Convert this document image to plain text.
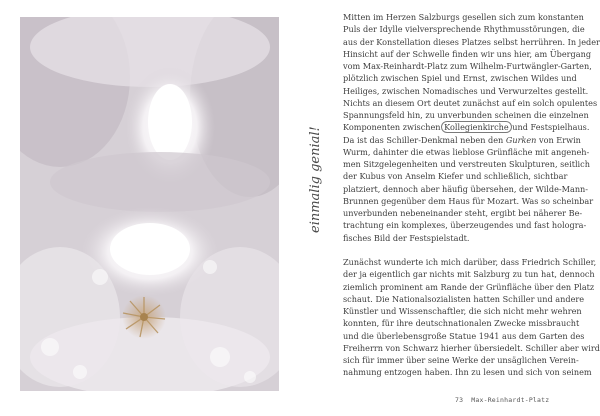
einmalig genial!

Mitten im Herzen Salzburgs gesellen sich zum konstanten
Puls der Idylle vielversprechende Rhythmusstörungen, die
aus der Konstellation dieses Platzes selbst herrühren. In jeder
Hinsicht auf der Schwelle finden wir uns hier, am Übergang
vom Max-Reinhardt-Platz zum Wilhelm-Furtwängler-Garten,
plötzlich zwischen Spiel und Ernst, zwischen Wildes und
Heiliges, zwischen Nomadisches und Verwurzeltes gestellt.
Nichts an diesem Ort deutet zunächst auf ein solch opulentes
Spannungsfeld hin, zu unverbunden scheinen die einzelnen
Komponenten zwischen Kollegienkirche und Festspielhaus.
Da ist das Schiller-Denkmal neben den Gurken von Erwin
Wurm, dahinter die etwas lieblose Grünfläche mit angeneh-
men Sitzgelegenheiten und verstreuten Skulpturen, seitlich
der Kubus von Anselm Kiefer und schließlich, sichtbar
platziert, dennoch aber häufig übersehen, der Wilde-Mann-
Brunnen gegenüber dem Haus für Mozart. Was so scheinbar
unverbunden nebeneinander steht, ergibt bei näherer Be-
trachtung ein komplexes, überzeugendes und fast hologra-
fisches Bild der Festspielstadt.

Zunächst wunderte ich mich darüber, dass Friedrich Schiller,
der ja eigentlich gar nichts mit Salzburg zu tun hat, dennoch
ziemlich prominent am Rande der Grünfläche über den Platz
schaut. Die Nationalsozialisten hatten Schiller und andere
Künstler und Wissenschaftler, die sich nicht mehr wehren
konnten, für ihre deutschnationalen Zwecke missbraucht
und die überlebensgroße Statue 1941 aus dem Garten des
Freiherrn von Schwarz hierher übersiedelt. Schiller aber wird
sich für immer über seine Werke der unsäglichen Verein-
nahmung entzogen haben. Ihn zu lesen und sich von seinem

73 Max-Reinhardt-Platz
